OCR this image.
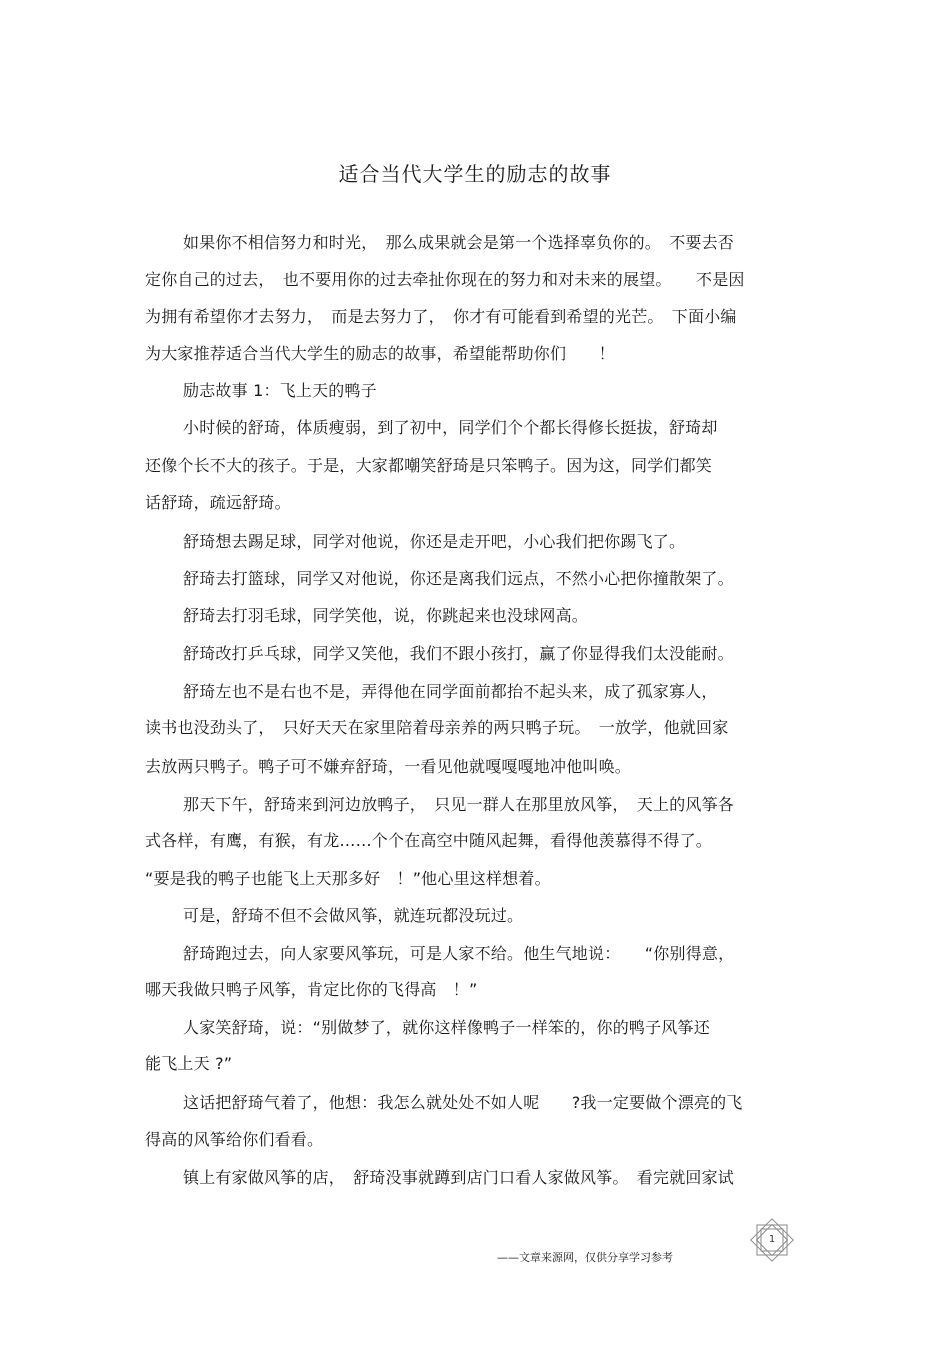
适合当代大学生的励志的故事
如果你不相信努力和时光，　那么成果就会是第一个选择辜负你的。　不要去否
定你自己的过去，　也不要用你的过去牵扯你现在的努力和对未来的展望。　　不是因
为拥有希望你才去努力，　而是去努力了，　你才有可能看到希望的光芒。　下面小编
为大家推荐适合当代大学生的励志的故事，希望能帮助你们　　！
励志故事 1：飞上天的鸭子
小时候的舒琦，体质瘦弱，到了初中，同学们个个都长得修长挺拔，舒琦却
还像个长不大的孩子。于是，大家都嘲笑舒琦是只笨鸭子。因为这，同学们都笑
话舒琦，疏远舒琦。
舒琦想去踢足球，同学对他说，你还是走开吧，小心我们把你踢飞了。
舒琦去打篮球，同学又对他说，你还是离我们远点，不然小心把你撞散架了。
舒琦去打羽毛球，同学笑他，说，你跳起来也没球网高。
舒琦改打乒乓球，同学又笑他，我们不跟小孩打，赢了你显得我们太没能耐。
舒琦左也不是右也不是，弄得他在同学面前都抬不起头来，成了孤家寡人，
读书也没劲头了，　只好天天在家里陪着母亲养的两只鸭子玩。　一放学，他就回家
去放两只鸭子。鸭子可不嫌弃舒琦，一看见他就嘎嘎嘎地冲他叫唤。
那天下午，舒琦来到河边放鸭子，　只见一群人在那里放风筝，　天上的风筝各
式各样，有鹰，有猴，有龙……个个在高空中随风起舞，看得他羡慕得不得了。
“要是我的鸭子也能飞上天那多好　！”他心里这样想着。
可是，舒琦不但不会做风筝，就连玩都没玩过。
舒琦跑过去，向人家要风筝玩，可是人家不给。他生气地说：　　“你别得意，
哪天我做只鸭子风筝，肯定比你的飞得高　！”
人家笑舒琦，说：“别做梦了，就你这样像鸭子一样笨的，你的鸭子风筝还
能飞上天 ?”
这话把舒琦气着了，他想：我怎么就处处不如人呢　　?我一定要做个漂亮的飞
得高的风筝给你们看看。
镇上有家做风筝的店，　舒琦没事就蹲到店门口看人家做风筝。　看完就回家试
1
——文章来源网，仅供分享学习参考
